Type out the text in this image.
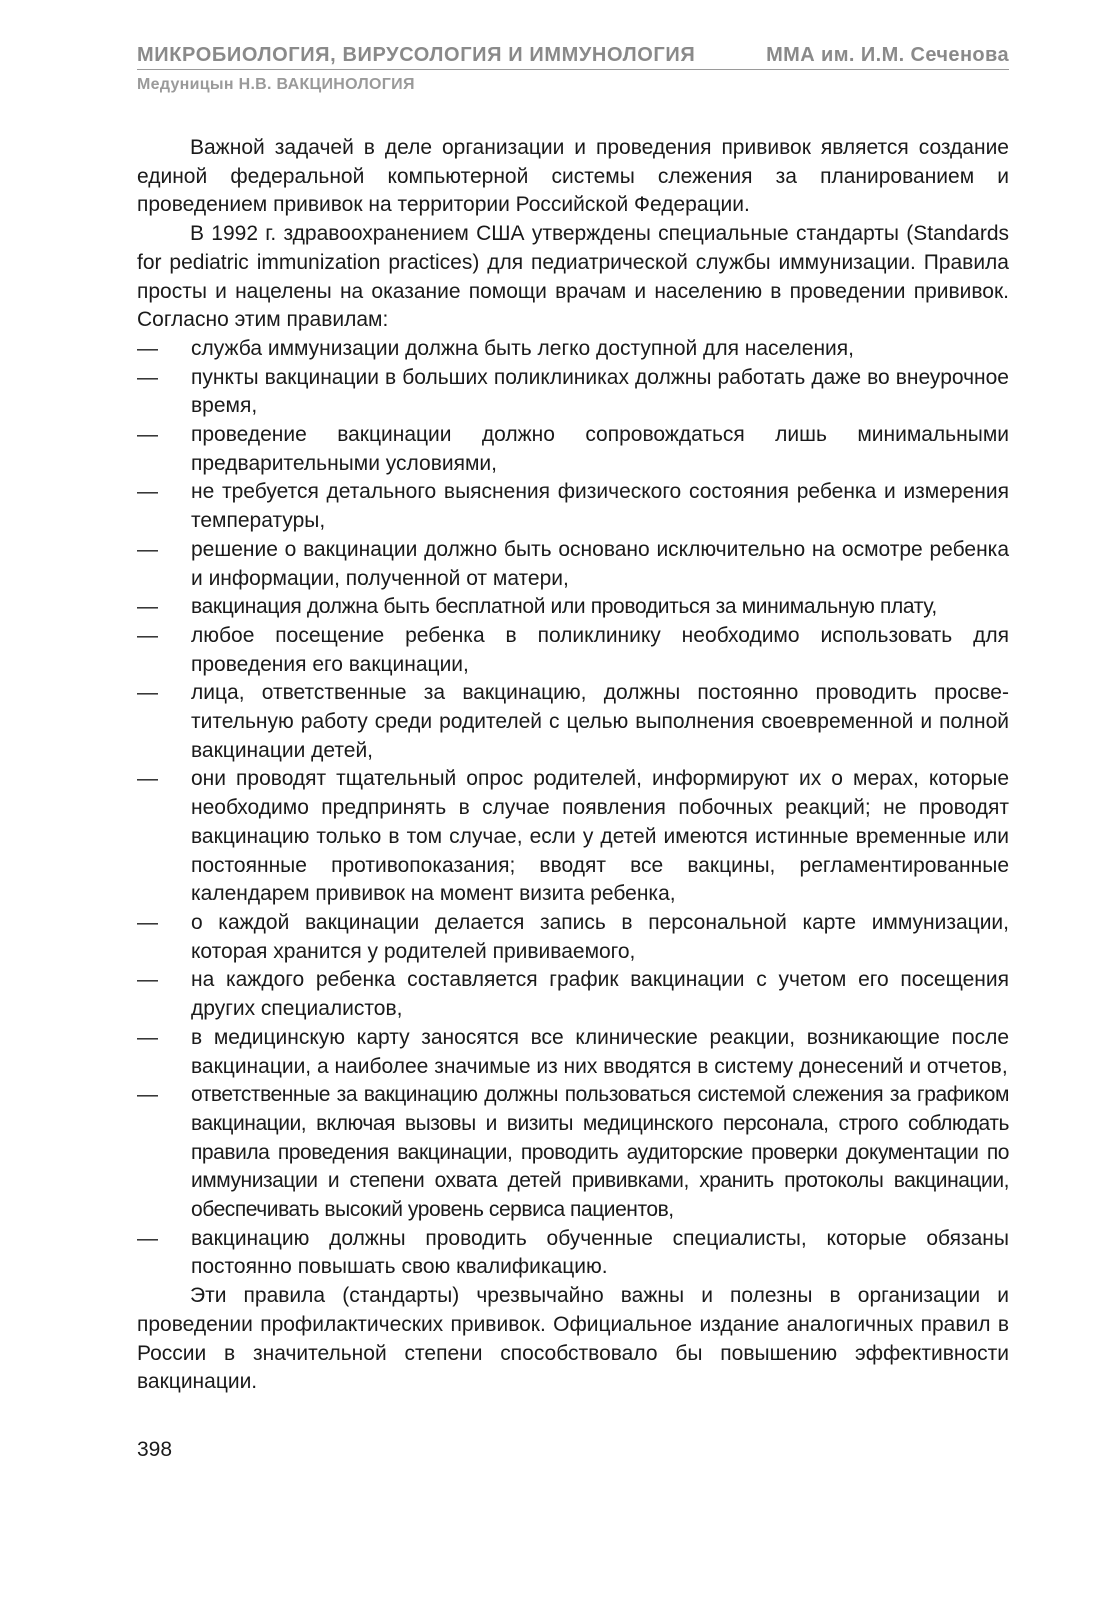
МИКРОБИОЛОГИЯ, ВИРУСОЛОГИЯ И ИММУНОЛОГИЯ	ММА им. И.М. Сеченова
Медуницын Н.В. ВАКЦИНОЛОГИЯ

Важной задачей в деле организации и проведения прививок является создание единой федеральной компьютерной системы слежения за планированием и проведением прививок на территории Российской Федерации.

В 1992 г. здравоохранением США утверждены специальные стандарты (Standards for pediatric immunization practices) для педиатрической службы иммунизации. Правила просты и нацелены на оказание помощи врачам и населению в проведении прививок. Согласно этим правилам:

—	служба иммунизации должна быть легко доступной для населения,
—	пункты вакцинации в больших поликлиниках должны работать даже во внеурочное время,
—	проведение вакцинации должно сопровождаться лишь минимальными предварительными условиями,
—	не требуется детального выяснения физического состояния ребенка и измерения температуры,
—	решение о вакцинации должно быть основано исключительно на осмотре ребенка и информации, полученной от матери,
—	вакцинация должна быть бесплатной или проводиться за минимальную плату,
—	любое посещение ребенка в поликлинику необходимо использовать для проведения его вакцинации,
—	лица, ответственные за вакцинацию, должны постоянно проводить просветительную работу среди родителей с целью выполнения своевременной и полной вакцинации детей,
—	они проводят тщательный опрос родителей, информируют их о мерах, которые необходимо предпринять в случае появления побочных реакций; не проводят вакцинацию только в том случае, если у детей имеются истинные временные или постоянные противопоказания; вводят все вакцины, регламентированные календарем прививок на момент визита ребенка,
—	о каждой вакцинации делается запись в персональной карте иммунизации, которая хранится у родителей прививаемого,
—	на каждого ребенка составляется график вакцинации с учетом его посещения других специалистов,
—	в медицинскую карту заносятся все клинические реакции, возникающие после вакцинации, а наиболее значимые из них вводятся в систему донесений и отчетов,
—	ответственные за вакцинацию должны пользоваться системой слежения за графиком вакцинации, включая вызовы и визиты медицинского персонала, строго соблюдать правила проведения вакцинации, проводить аудиторские проверки документации по иммунизации и степени охвата детей прививками, хранить протоколы вакцинации, обеспечивать высокий уровень сервиса пациентов,
—	вакцинацию должны проводить обученные специалисты, которые обязаны постоянно повышать свою квалификацию.

Эти правила (стандарты) чрезвычайно важны и полезны в организации и проведении профилактических прививок. Официальное издание аналогичных правил в России в значительной степени способствовало бы повышению эффективности вакцинации.

398
